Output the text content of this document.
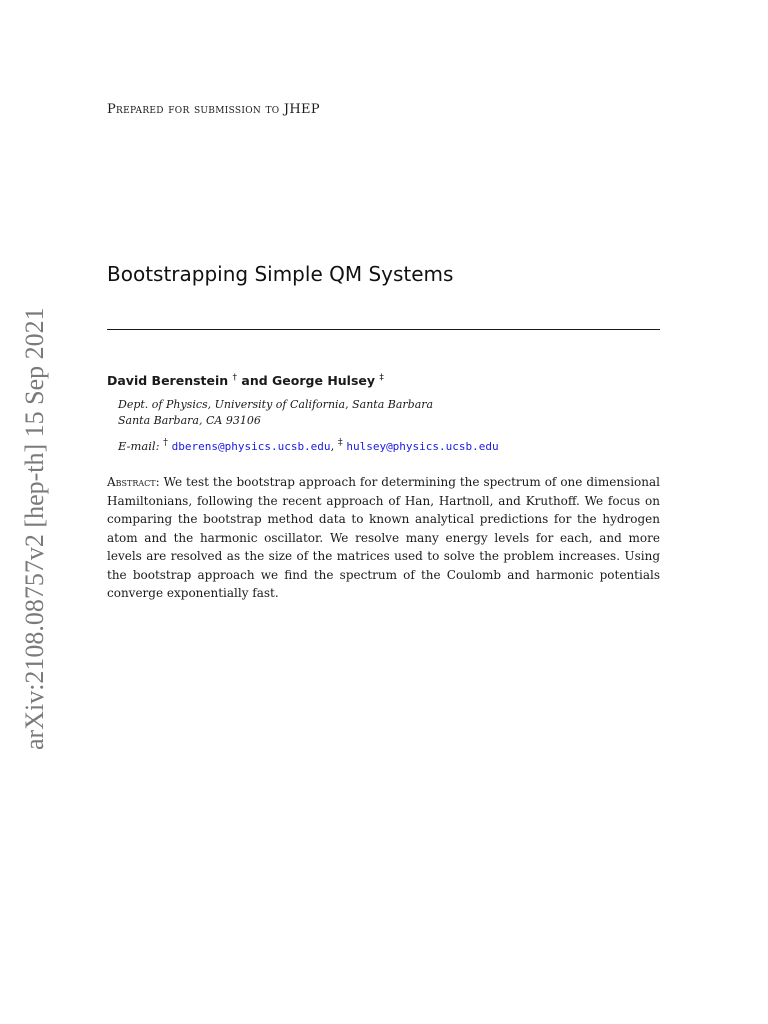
Prepared for submission to JHEP
Bootstrapping Simple QM Systems
David Berenstein † and George Hulsey ‡
Dept. of Physics, University of California, Santa Barbara
Santa Barbara, CA 93106
E-mail: † dberens@physics.ucsb.edu, ‡ hulsey@physics.ucsb.edu
Abstract: We test the bootstrap approach for determining the spectrum of one dimensional Hamiltonians, following the recent approach of Han, Hartnoll, and Kruthoff. We focus on comparing the bootstrap method data to known analytical predictions for the hydrogen atom and the harmonic oscillator. We resolve many energy levels for each, and more levels are resolved as the size of the matrices used to solve the problem increases. Using the bootstrap approach we find the spectrum of the Coulomb and harmonic potentials converge exponentially fast.
arXiv:2108.08757v2 [hep-th] 15 Sep 2021
